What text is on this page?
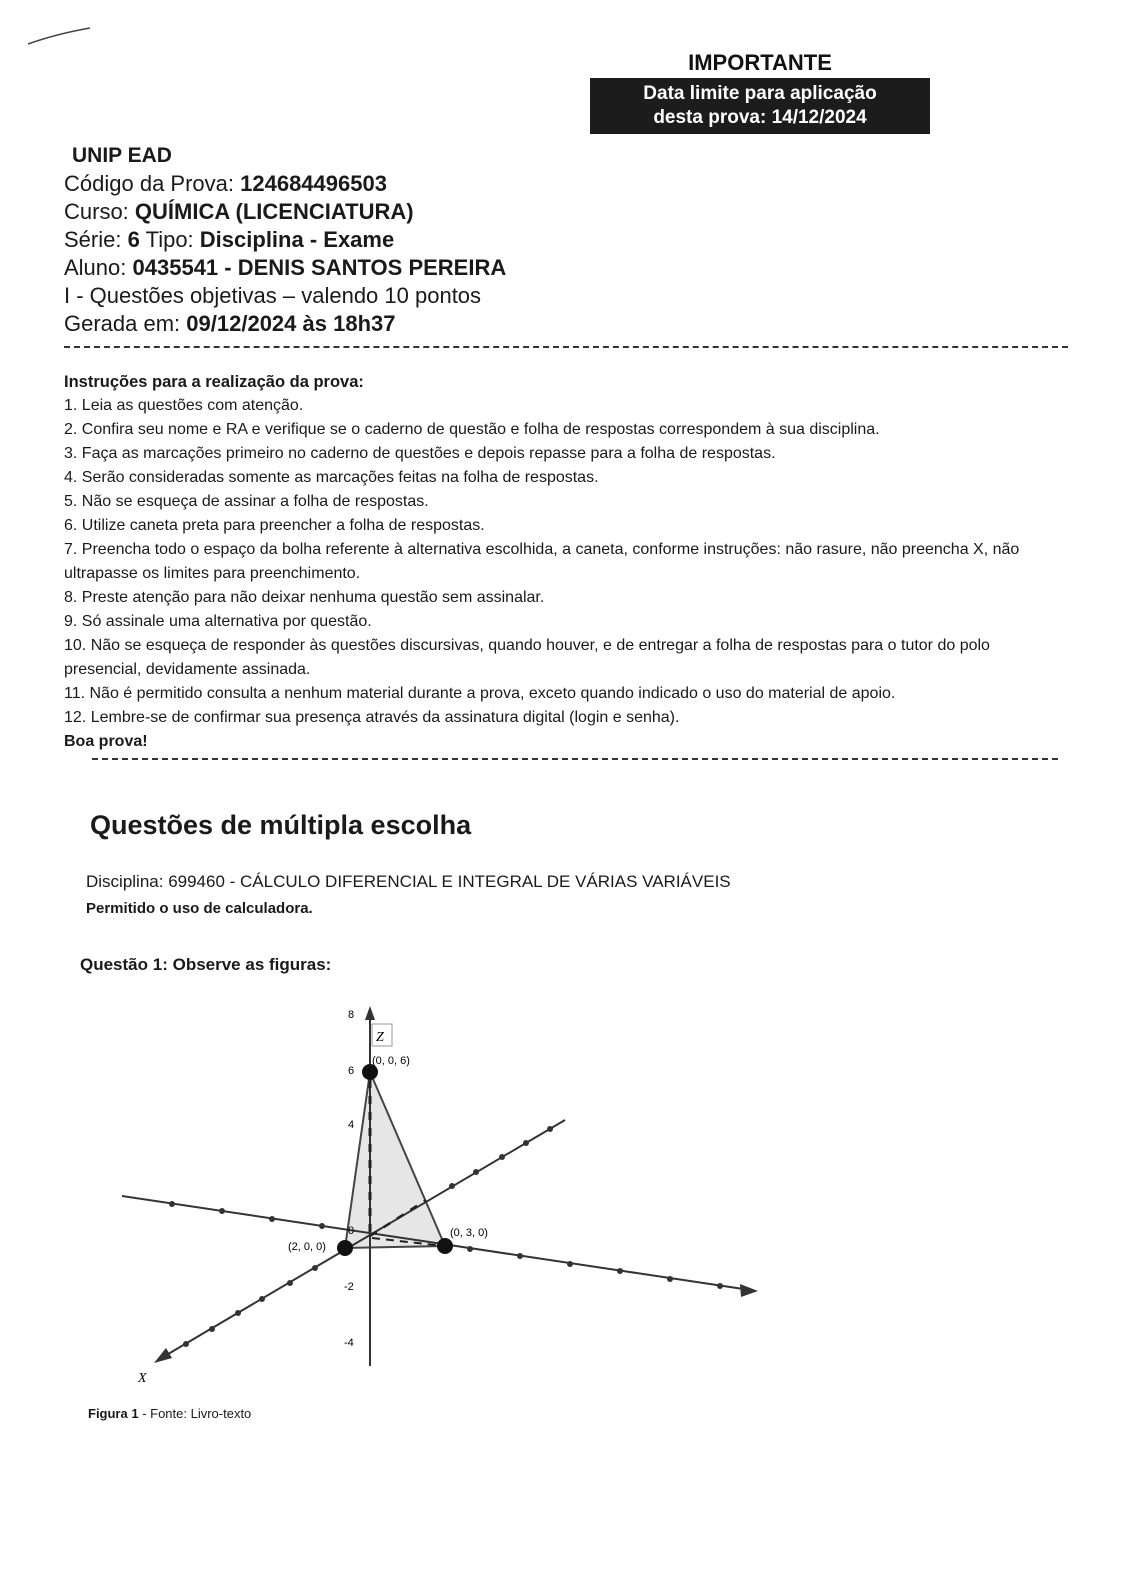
IMPORTANTE
Data limite para aplicação
desta prova: 14/12/2024
UNIP EAD
Código da Prova: 124684496503
Curso: QUÍMICA (LICENCIATURA)
Série: 6 Tipo: Disciplina - Exame
Aluno: 0435541 - DENIS SANTOS PEREIRA
I - Questões objetivas – valendo 10 pontos
Gerada em: 09/12/2024 às 18h37
Instruções para a realização da prova:
1. Leia as questões com atenção.
2. Confira seu nome e RA e verifique se o caderno de questão e folha de respostas correspondem à sua disciplina.
3. Faça as marcações primeiro no caderno de questões e depois repasse para a folha de respostas.
4. Serão consideradas somente as marcações feitas na folha de respostas.
5. Não se esqueça de assinar a folha de respostas.
6. Utilize caneta preta para preencher a folha de respostas.
7. Preencha todo o espaço da bolha referente à alternativa escolhida, a caneta, conforme instruções: não rasure, não preencha X, não ultrapasse os limites para preenchimento.
8. Preste atenção para não deixar nenhuma questão sem assinalar.
9. Só assinale uma alternativa por questão.
10. Não se esqueça de responder às questões discursivas, quando houver, e de entregar a folha de respostas para o tutor do polo presencial, devidamente assinada.
11. Não é permitido consulta a nenhum material durante a prova, exceto quando indicado o uso do material de apoio.
12. Lembre-se de confirmar sua presença através da assinatura digital (login e senha).
Boa prova!
Questões de múltipla escolha
Disciplina: 699460 - CÁLCULO DIFERENCIAL E INTEGRAL DE VÁRIAS VARIÁVEIS
Permitido o uso de calculadora.
Questão 1: Observe as figuras:
8
6
4
0
-2
-4
Z
X
(0, 0, 6)
(2, 0, 0)
(0, 3, 0)
Figura 1 - Fonte: Livro-texto
